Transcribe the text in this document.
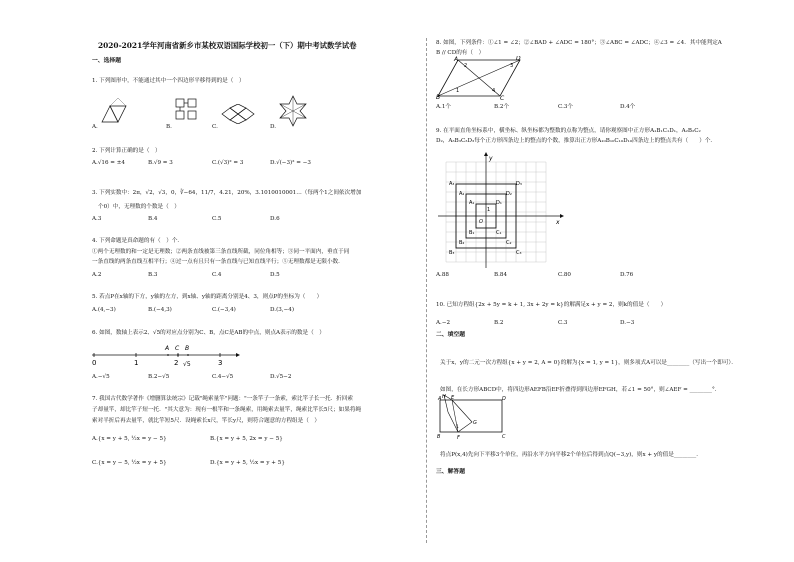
2020-2021学年河南省新乡市某校双语国际学校初一（下）期中考试数学试卷
一、选择题
1. 下列图形中，不能通过其中一个四边形平移得到的是（　）
A.	B.	C.	D.
2. 下列计算正确的是（　）
A.√16 = ±4	B.√9 = 3	C.(√3)² = 3	D.√(−3)² = −3
3. 下列实数中：2π，√2，√3，0，∛−64，11/7，4.21，20%，3.1010010001…（每两个1之间依次增加
个0）中，无理数的个数是（　）
A.3	B.4	C.5	D.6
4. 下列命题是真命题的有（　）个．
①两个无理数的和一定是无理数；②两条直线被第三条直线所截，同位角相等；③同一平面内，垂直于同
一条直线的两条直线互相平行；④过一点有且只有一条直线与已知直线平行；⑤无理数都是无限小数．
A.2	B.3	C.4	D.5
5. 若点P在x轴的下方，y轴的左方，到x轴、y轴的距离分别是4、3，则点P的坐标为（　　）
A.(4,−3)	B.(−4,3)	C.(−3,4)	D.(3,−4)
6. 如图，数轴上表示2、√5的对应点分别为C、B，点C是AB的中点，则点A表示的数是（　）
0	1	2	3
A C B
√5
A.−√5	B.2−√5	C.4−√5	D.√5−2
7. 我国古代数学著作《增删算法统宗》记载"绳索量竿"问题："一条竿子一条索，索比竿子长一托．折回索
子却量竿，却比竿子短一托．"其大意为：现有一根竿和一条绳索，用绳索去量竿，绳索比竿长5尺；如果将绳
索对半折后再去量竿，就比竿短5尺．设绳索长x尺，竿长y尺，则符合题意的方程组是（　）
A.{x = y + 5, ½x = y − 5}	B.{x = y + 5, 2x = y − 5}
C.{x = y − 5, ½x = y + 5}	D.{x = y + 5, ½x = y + 5}
8. 如图，下列条件：①∠1 = ∠2；②∠BAD + ∠ADC = 180°；③∠ABC = ∠ADC；④∠3 = ∠4．其中能判定A
B // CD的有（　）
A
B	C
D
1
2	3
4
A.1个	B.2个	C.3个	D.4个
9. 在平面直角坐标系中，横坐标、纵坐标都为整数的点称为整点，请你观察图中正方形A₁B₁C₁D₁，A₂B₂C₂
D₂，A₃B₃C₃D₃每个正方形四条边上的整点的个数，推算出正方形A₁₀B₁₀C₁₀D₁₀四条边上的整点共有（　　）个．
y
x
O
1
A₃	D₃
A₂	D₂
A₁	D₁
B₁	C₁
B₂	C₂
B₃	C₃
A.88	B.84	C.80	D.76
10. 已知方程组{2x + 5y = k + 1, 3x + 2y = k}的解满足x + y = 2，则k的值是（　　）
A.−2	B.2	C.3	D.−3
二、填空题
关于x，y的二元一次方程组{x + y = 2, A = 0}的解为{x = 1, y = 1}，则多项式A可以是________（写出一个即可）．
如图，在长方形ABCD中，将四边形AEFB沿EF折叠得到四边形EFGH，若∠1 = 50°，则∠AEF = ________°．
A E	D
B	F	C
G
1
H
将点P(x,4)先向下平移3个单位，再沿水平方向平移2个单位后得到点Q(−3,y)，则x + y的值是________．
三、解答题
